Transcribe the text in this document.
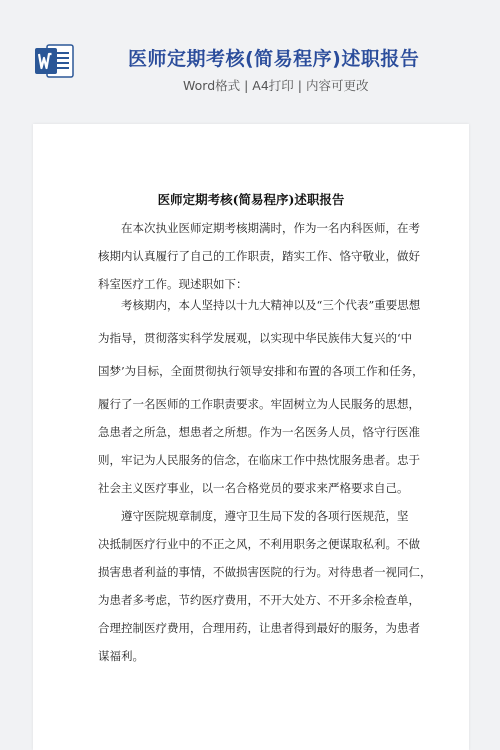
医师定期考核(简易程序)述职报告
Word格式 | A4打印 | 内容可更改
医师定期考核(简易程序)述职报告
在本次执业医师定期考核期满时，作为一名内科医师，在考
核期内认真履行了自己的工作职责，踏实工作、恪守敬业，做好
科室医疗工作。现述职如下：
考核期内，本人坚持以十九大精神以及“三个代表”重要思想
为指导，贯彻落实科学发展观，以实现中华民族伟大复兴的‘中
国梦’为目标，全面贯彻执行领导安排和布置的各项工作和任务，
履行了一名医师的工作职责要求。牢固树立为人民服务的思想，
急患者之所急，想患者之所想。作为一名医务人员，恪守行医准
则，牢记为人民服务的信念，在临床工作中热忱服务患者。忠于
社会主义医疗事业，以一名合格党员的要求来严格要求自己。
遵守医院规章制度，遵守卫生局下发的各项行医规范，坚
决抵制医疗行业中的不正之风，不利用职务之便谋取私利。不做
损害患者利益的事情，不做损害医院的行为。对待患者一视同仁，
为患者多考虑，节约医疗费用，不开大处方、不开多余检查单，
合理控制医疗费用，合理用药，让患者得到最好的服务，为患者
谋福利。
